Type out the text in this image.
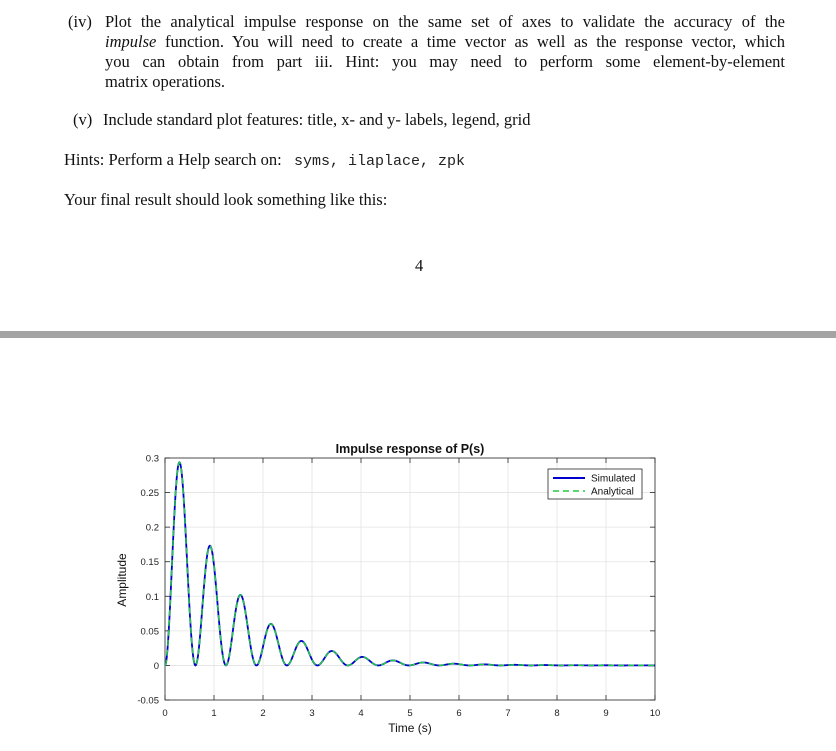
(iv) Plot the analytical impulse response on the same set of axes to validate the accuracy of the
impulse function. You will need to create a time vector as well as the response vector, which
you can obtain from part iii. Hint: you may need to perform some element-by-element
matrix operations.
(v) Include standard plot features: title, x- and y- labels, legend, grid
Hints: Perform a Help search on: syms, ilaplace, zpk
Your final result should look something like this:
4
0	1	2	3	4	5	6	7	8	9	10
-0.05
0
0.05
0.1
0.15
0.2
0.25
0.3
Impulse response of P(s)
Time (s)
Amplitude
Simulated
Analytical
